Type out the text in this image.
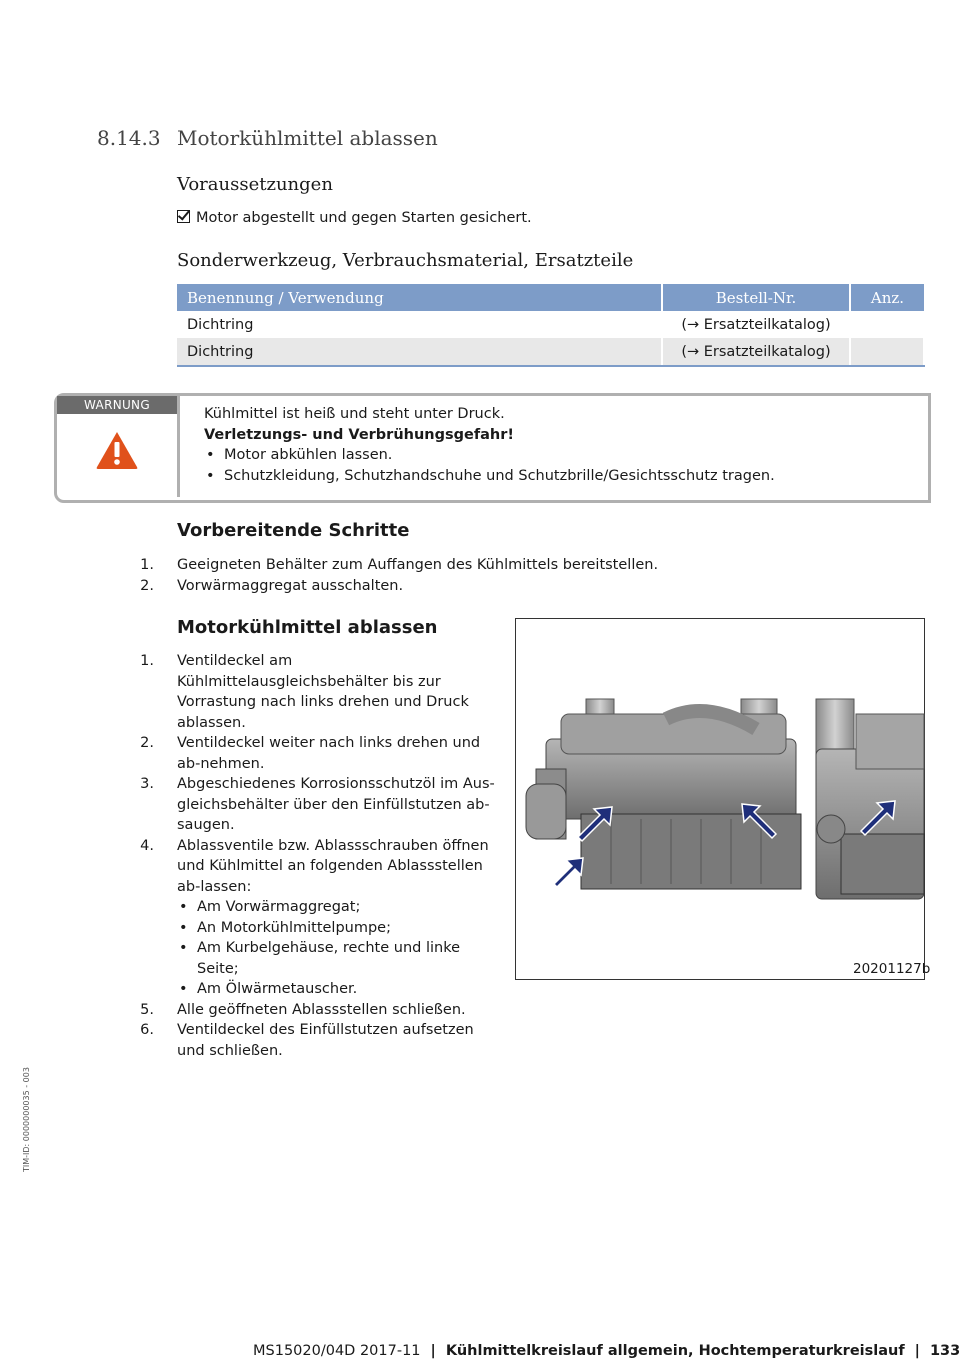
8.14.3 Motorkühlmittel ablassen
Voraussetzungen
Motor abgestellt und gegen Starten gesichert.
Sonderwerkzeug, Verbrauchsmaterial, Ersatzteile
Benennung / Verwendung	Bestell-Nr.	Anz.
Dichtring	(→ Ersatzteilkatalog)	
Dichtring	(→ Ersatzteilkatalog)	
WARNUNG
Kühlmittel ist heiß und steht unter Druck.
Verletzungs- und Verbrühungsgefahr!
• Motor abkühlen lassen.
• Schutzkleidung, Schutzhandschuhe und Schutzbrille/Gesichtsschutz tragen.
Vorbereitende Schritte
1. Geeigneten Behälter zum Auffangen des Kühlmittels bereitstellen.
2. Vorwärmaggregat ausschalten.
Motorkühlmittel ablassen
1. Ventildeckel am Kühlmittelausgleichsbehälter bis zur Vorrastung nach links drehen und Druck ablassen.
2. Ventildeckel weiter nach links drehen und ab-nehmen.
3. Abgeschiedenes Korrosionsschutzöl im Aus-gleichsbehälter über den Einfüllstutzen ab-saugen.
4. Ablassventile bzw. Ablassschrauben öffnen und Kühlmittel an folgenden Ablassstellen ab-lassen:
• Am Vorwärmaggregat;
• An Motorkühlmittelpumpe;
• Am Kurbelgehäuse, rechte und linke Seite;
• Am Ölwärmetauscher.
5. Alle geöffneten Ablassstellen schließen.
6. Ventildeckel des Einfüllstutzen aufsetzen und schließen.
20201127b
TIM-ID: 0000000035 - 003
MS15020/04D 2017-11 | Kühlmittelkreislauf allgemein, Hochtemperaturkreislauf | 133
